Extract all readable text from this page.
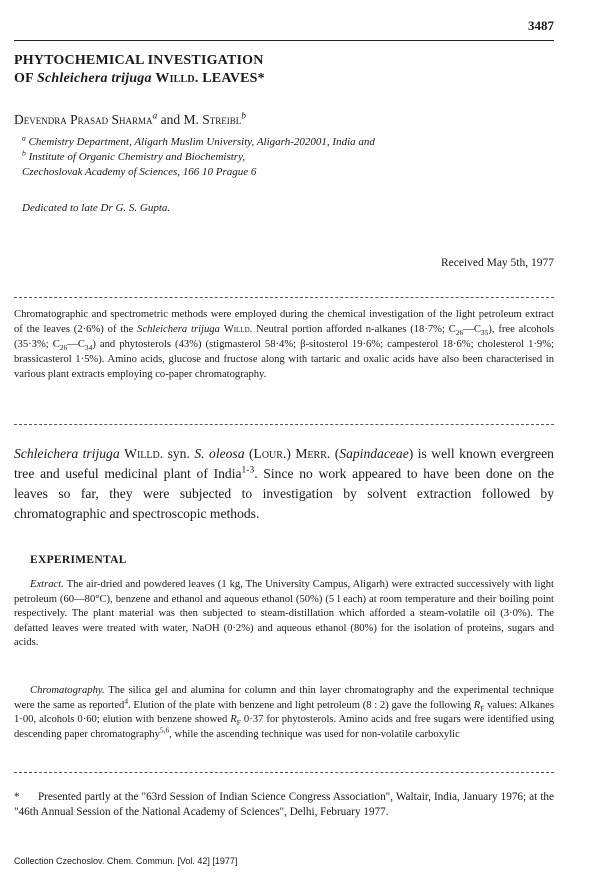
3487
PHYTOCHEMICAL INVESTIGATION
OF Schleichera trijuga Willd. LEAVES*
Devendra Prasad Sharma$^a$ and M. Streibl$^b$
$^a$ Chemistry Department, Aligarh Muslim University, Aligarh-202001, India and
$^b$ Institute of Organic Chemistry and Biochemistry,
Czechoslovak Academy of Sciences, 166 10 Prague 6
Dedicated to late Dr G. S. Gupta.
Received May 5th, 1977
Chromatographic and spectrometric methods were employed during the chemical investigation of the light petroleum extract of the leaves (2·6%) of the Schleichera trijuga Willd. Neutral portion afforded n-alkanes (18·7%; $C_{26}—C_{35}$), free alcohols (35·3%; $C_{26}—C_{34}$) and phytosterols (43%) (stigmasterol 58·4%; β-sitosterol 19·6%; campesterol 18·6%; cholesterol 1·9%; brassicasterol 1·5%). Amino acids, glucose and fructose along with tartaric and oxalic acids have also been characterised in various plant extracts employing co-paper chromatography.
Schleichera trijuga Willd. syn. S. oleosa (Lour.) Merr. (Sapindaceae) is well known evergreen tree and useful medicinal plant of India$^{1-3}$. Since no work appeared to have been done on the leaves so far, they were subjected to investigation by solvent extraction followed by chromatographic and spectroscopic methods.
EXPERIMENTAL
Extract. The air-dried and powdered leaves (1 kg, The University Campus, Aligarh) were extracted successively with light petroleum (60—80°C), benzene and ethanol and aqueous ethanol (50%) (5 l each) at room temperature and their boiling point respectively. The plant material was then subjected to steam-distillation which afforded a steam-volatile oil (3·0%). The defatted leaves were treated with water, NaOH (0·2%) and aqueous ethanol (80%) for the isolation of proteins, sugars and acids.
Chromatography. The silica gel and alumina for column and thin layer chromatography and the experimental technique were the same as reported$^4$. Elution of the plate with benzene and light petroleum (8 : 2) gave the following $R_F$ values: Alkanes 1·00, alcohols 0·60; elution with benzene showed $R_F$ 0·37 for phytosterols. Amino acids and free sugars were identified using descending paper chromatography$^{5,6}$, while the ascending technique was used for non-volatile carboxylic
*      Presented partly at the "63rd Session of Indian Science Congress Association", Waltair, India, January 1976; at the "46th Annual Session of the National Academy of Sciences", Delhi, February 1977.
Collection Czechoslov. Chem. Commun. [Vol. 42] [1977]
